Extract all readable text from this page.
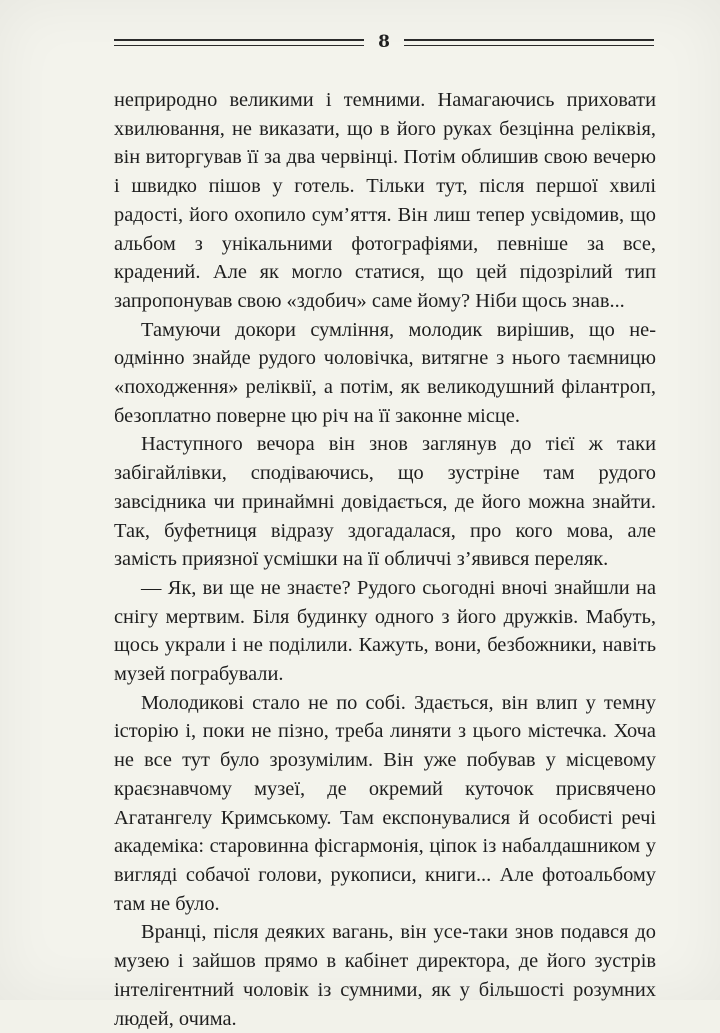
8

неприродно великими і темними. Намагаючись приховати хвилювання, не виказати, що в його руках безцінна реліквія, він виторгував її за два червінці. Потім облишив свою вечерю і швидко пішов у готель. Тільки тут, після першої хвилі радості, його охопило сум’яття. Він лиш тепер усвідомив, що альбом з унікальними фотографіями, певніше за все, крадений. Але як могло статися, що цей підозрілий тип запропонував свою «здобич» саме йому? Ніби щось знав...

Тамуючи докори сумління, молодик вирішив, що неодмінно знайде рудого чоловічка, витягне з нього таємницю «походження» реліквії, а потім, як великодушний філантроп, безоплатно поверне цю річ на її законне місце.

Наступного вечора він знов заглянув до тієї ж таки забігайлівки, сподіваючись, що зустріне там рудого завсідника чи принаймні довідається, де його можна знайти. Так, буфетниця відразу здогадалася, про кого мова, але замість приязної усмішки на її обличчі з’явився переляк.

— Як, ви ще не знаєте? Рудого сьогодні вночі знайшли на снігу мертвим. Біля будинку одного з його дружків. Мабуть, щось украли і не поділили. Кажуть, вони, безбожники, навіть музей пограбували.

Молодикові стало не по собі. Здається, він влип у темну історію і, поки не пізно, треба линяти з цього містечка. Хоча не все тут було зрозумілим. Він уже побував у місцевому краєзнавчому музеї, де окремий куточок присвячено Агатангелу Кримському. Там експонувалися й особисті речі академіка: старовинна фісгармонія, ціпок із набалдашником у вигляді собачої голови, рукописи, книги... Але фотоальбому там не було.

Вранці, після деяких вагань, він усе-таки знов подався до музею і зайшов прямо в кабінет директора, де його зустрів інтелігентний чоловік із сумними, як у більшості розумних людей, очима.
